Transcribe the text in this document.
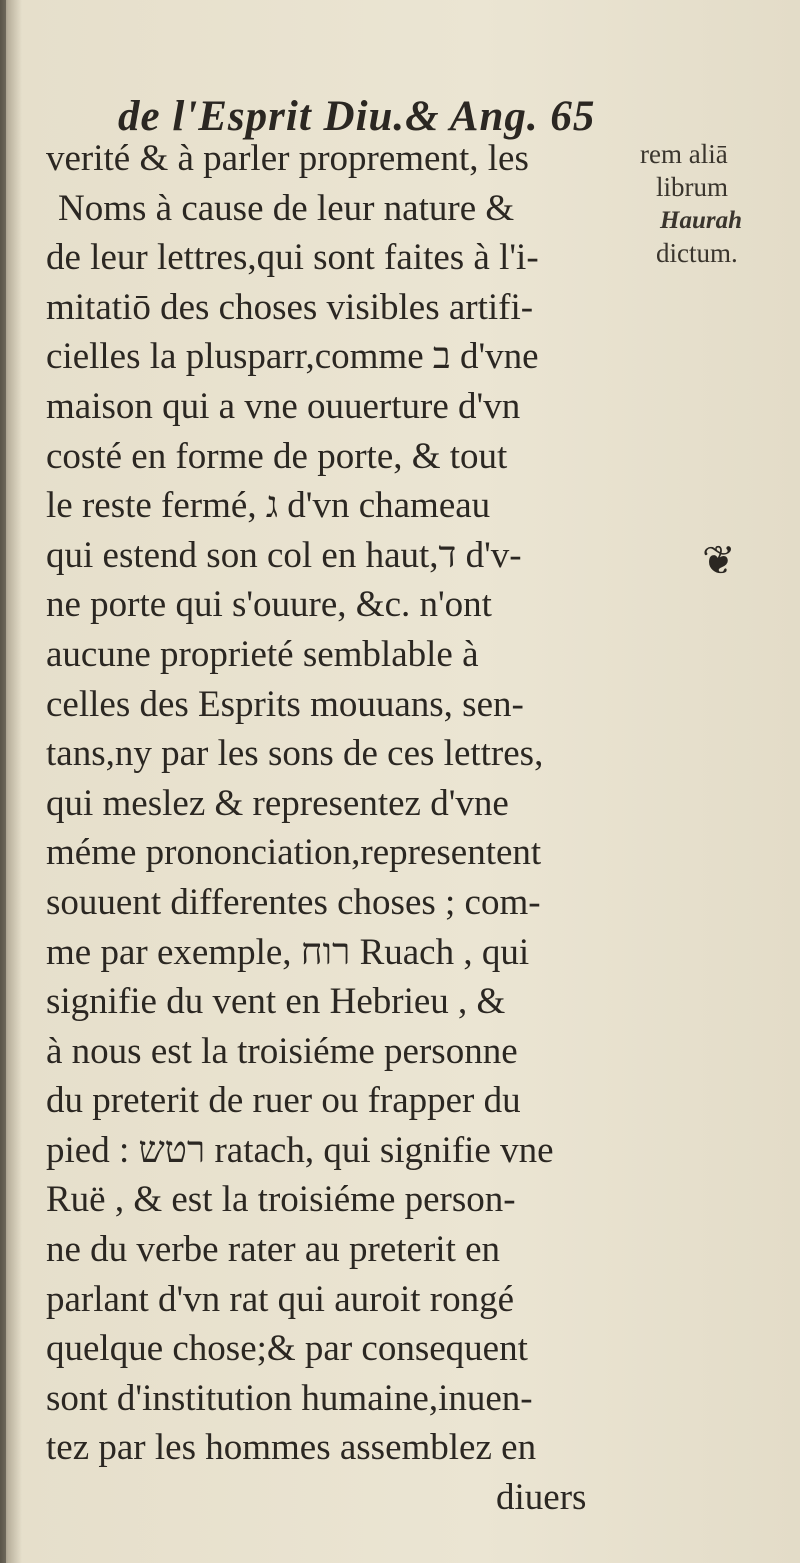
de l'Esprit Diu.& Ang. 65
verité & à parler proprement, les
Noms à cause de leur nature &
de leur lettres,qui sont faites à l'i-
mitatiō des choses visibles artifi-
cielles la plusparr,comme ב d'vne
maison qui a vne ouuerture d'vn
costé en forme de porte, & tout
le reste fermé, ג d'vn chameau
qui estend son col en haut,ד d'v-
ne porte qui s'ouure, &c. n'ont
aucune proprieté semblable à
celles des Esprits mouuans, sen-
tans,ny par les sons de ces lettres,
qui meslez & representez d'vne
méme prononciation,representent
souuent differentes choses ; com-
me par exemple, רוח Ruach , qui
signifie du vent en Hebrieu , &
à nous est la troisiéme personne
du preterit de ruer ou frapper du
pied : רטש ratach, qui signifie vne
Ruë , & est la troisiéme person-
ne du verbe rater au preterit en
parlant d'vn rat qui auroit rongé
quelque chose;& par consequent
sont d'institution humaine,inuen-
tez par les hommes assemblez en
diuers
rem aliā
librum
Haurah
dictum.
❦
